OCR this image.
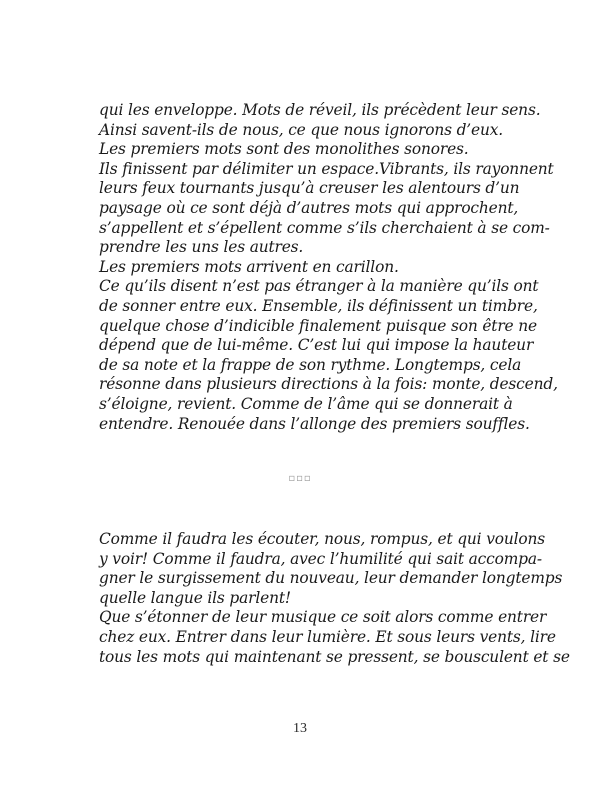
qui les enveloppe. Mots de réveil, ils précèdent leur sens.
Ainsi savent-ils de nous, ce que nous ignorons d’eux.
Les premiers mots sont des monolithes sonores.
Ils finissent par délimiter un espace.Vibrants, ils rayonnent
leurs feux tournants jusqu’à creuser les alentours d’un
paysage où ce sont déjà d’autres mots qui approchent,
s’appellent et s’épellent comme s’ils cherchaient à se com-
prendre les uns les autres.
Les premiers mots arrivent en carillon.
Ce qu’ils disent n’est pas étranger à la manière qu’ils ont
de sonner entre eux. Ensemble, ils définissent un timbre,
quelque chose d’indicible finalement puisque son être ne
dépend que de lui-même. C’est lui qui impose la hauteur
de sa note et la frappe de son rythme. Longtemps, cela
résonne dans plusieurs directions à la fois: monte, descend,
s’éloigne, revient. Comme de l’âme qui se donnerait à
entendre. Renouée dans l’allonge des premiers souffles.
▫▫▫
Comme il faudra les écouter, nous, rompus, et qui voulons
y voir! Comme il faudra, avec l’humilité qui sait accompa-
gner le surgissement du nouveau, leur demander longtemps
quelle langue ils parlent!
Que s’étonner de leur musique ce soit alors comme entrer
chez eux. Entrer dans leur lumière. Et sous leurs vents, lire
tous les mots qui maintenant se pressent, se bousculent et se
13
